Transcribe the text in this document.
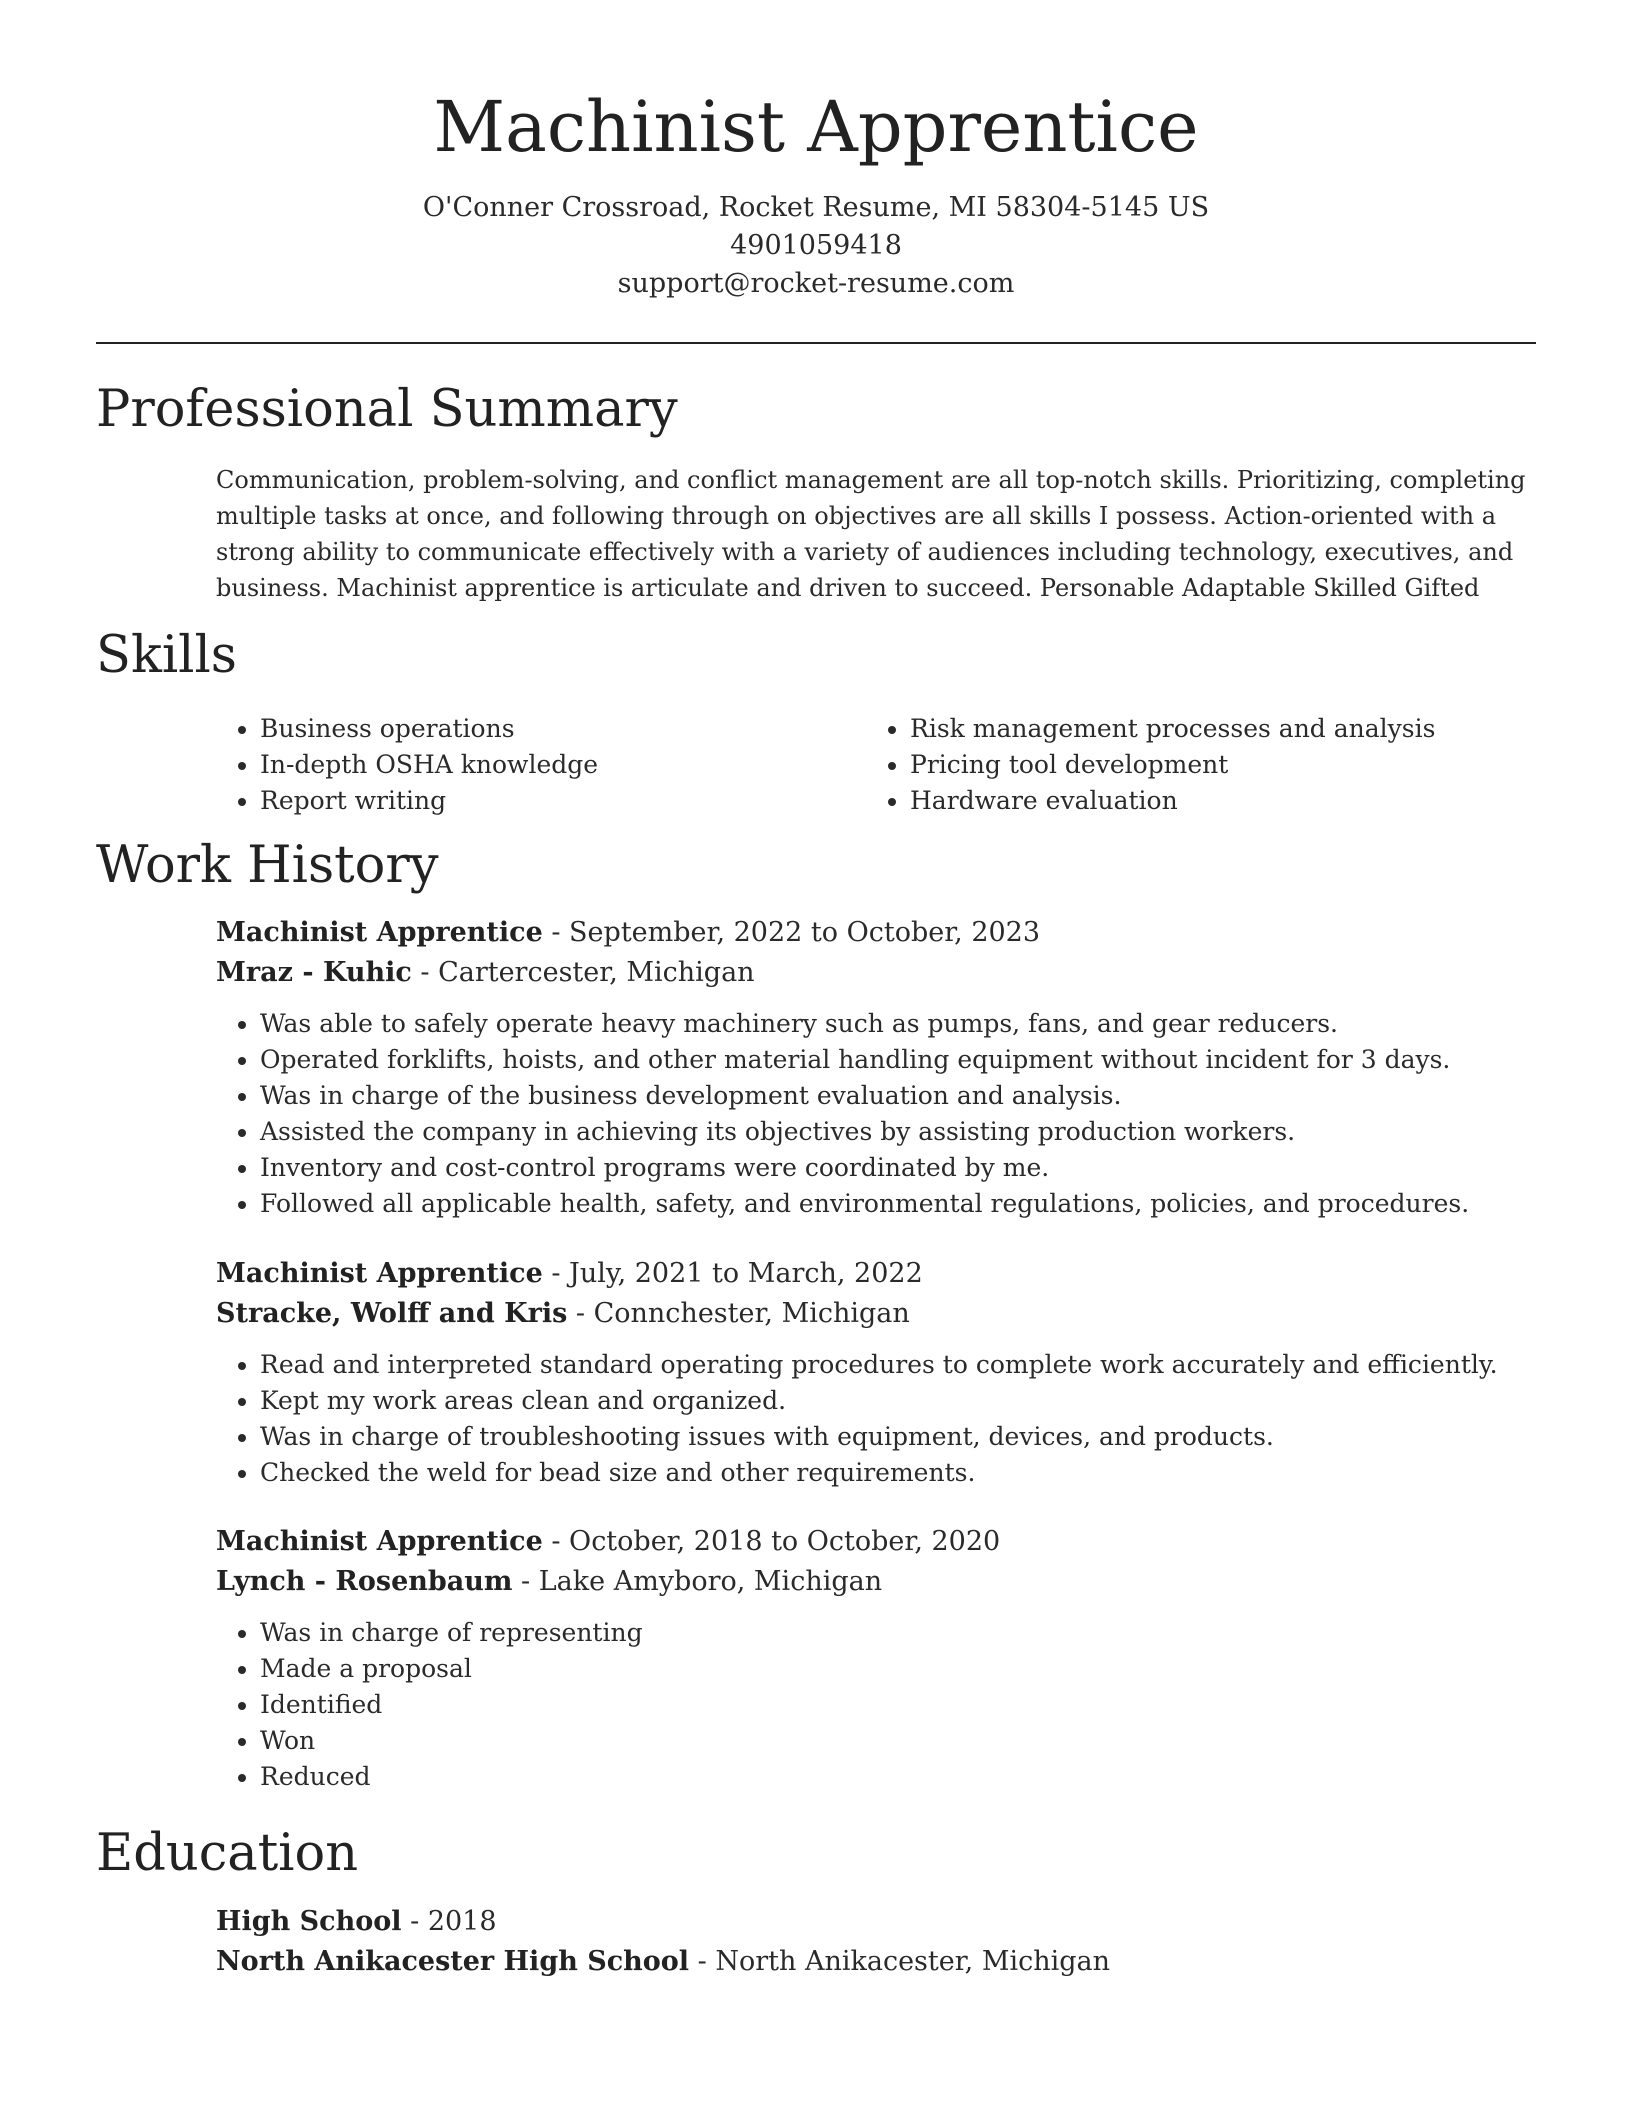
Machinist Apprentice
O'Conner Crossroad, Rocket Resume, MI 58304-5145 US
4901059418
support@rocket-resume.com
Professional Summary
Communication, problem-solving, and conflict management are all top-notch skills. Prioritizing, completing multiple tasks at once, and following through on objectives are all skills I possess. Action-oriented with a strong ability to communicate effectively with a variety of audiences including technology, executives, and business. Machinist apprentice is articulate and driven to succeed. Personable Adaptable Skilled Gifted
Skills
• Business operations
• In-depth OSHA knowledge
• Report writing
• Risk management processes and analysis
• Pricing tool development
• Hardware evaluation
Work History
Machinist Apprentice - September, 2022 to October, 2023
Mraz - Kuhic - Cartercester, Michigan
• Was able to safely operate heavy machinery such as pumps, fans, and gear reducers.
• Operated forklifts, hoists, and other material handling equipment without incident for 3 days.
• Was in charge of the business development evaluation and analysis.
• Assisted the company in achieving its objectives by assisting production workers.
• Inventory and cost-control programs were coordinated by me.
• Followed all applicable health, safety, and environmental regulations, policies, and procedures.
Machinist Apprentice - July, 2021 to March, 2022
Stracke, Wolff and Kris - Connchester, Michigan
• Read and interpreted standard operating procedures to complete work accurately and efficiently.
• Kept my work areas clean and organized.
• Was in charge of troubleshooting issues with equipment, devices, and products.
• Checked the weld for bead size and other requirements.
Machinist Apprentice - October, 2018 to October, 2020
Lynch - Rosenbaum - Lake Amyboro, Michigan
• Was in charge of representing
• Made a proposal
• Identified
• Won
• Reduced
Education
High School - 2018
North Anikacester High School - North Anikacester, Michigan
